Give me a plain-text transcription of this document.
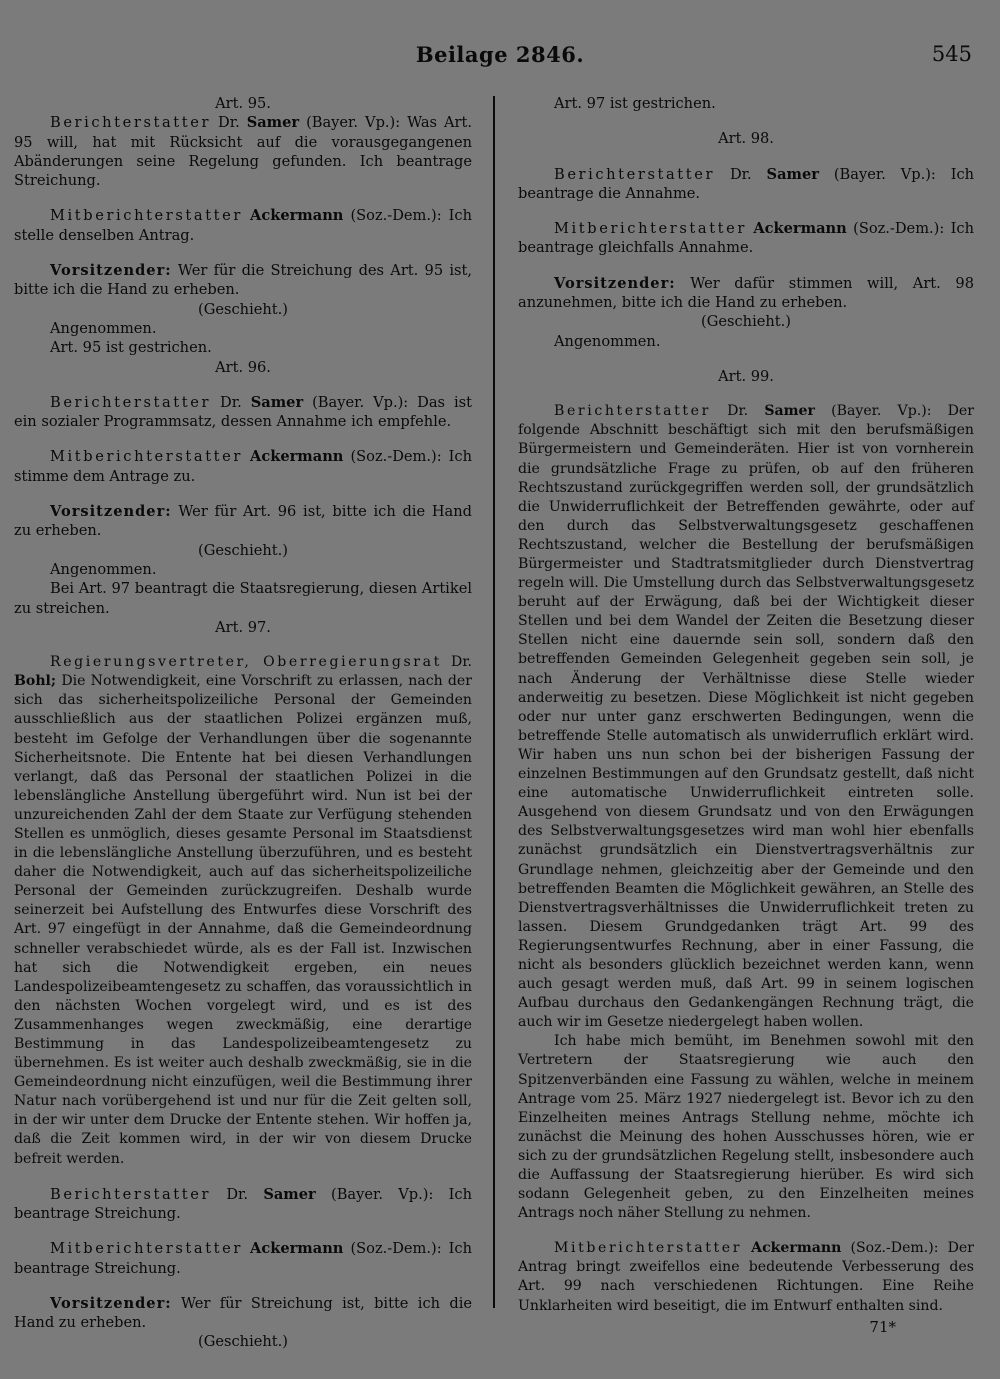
Beilage 2846.	545
Art. 95.
Berichterstatter Dr. Samer (Bayer. Vp.): Was Art. 95 will, hat mit Rücksicht auf die vorausgegangenen Abänderungen seine Regelung gefunden. Ich beantrage Streichung.
Mitberichterstatter Ackermann (Soz.-Dem.): Ich stelle denselben Antrag.
Vorsitzender: Wer für die Streichung des Art. 95 ist, bitte ich die Hand zu erheben.
(Geschieht.)
Angenommen.
Art. 95 ist gestrichen.
Art. 96.
Berichterstatter Dr. Samer (Bayer. Vp.): Das ist ein sozialer Programmsatz, dessen Annahme ich empfehle.
Mitberichterstatter Ackermann (Soz.-Dem.): Ich stimme dem Antrage zu.
Vorsitzender: Wer für Art. 96 ist, bitte ich die Hand zu erheben.
(Geschieht.)
Angenommen.
Bei Art. 97 beantragt die Staatsregierung, diesen Artikel zu streichen.
Art. 97.
Regierungsvertreter, Oberregierungsrat Dr. Bohl; Die Notwendigkeit, eine Vorschrift zu erlassen, nach der sich das sicherheitspolizeiliche Personal der Gemeinden ausschließlich aus der staatlichen Polizei ergänzen muß, besteht im Gefolge der Verhandlungen über die sogenannte Sicherheitsnote. Die Entente hat bei diesen Verhandlungen verlangt, daß das Personal der staatlichen Polizei in die lebenslängliche Anstellung übergeführt wird. Nun ist bei der unzureichenden Zahl der dem Staate zur Verfügung stehenden Stellen es unmöglich, dieses gesamte Personal im Staatsdienst in die lebenslängliche Anstellung überzuführen, und es besteht daher die Notwendigkeit, auch auf das sicherheitspolizeiliche Personal der Gemeinden zurückzugreifen. Deshalb wurde seinerzeit bei Aufstellung des Entwurfes diese Vorschrift des Art. 97 eingefügt in der Annahme, daß die Gemeindeordnung schneller verabschiedet würde, als es der Fall ist. Inzwischen hat sich die Notwendigkeit ergeben, ein neues Landespolizeibeamtengesetz zu schaffen, das voraussichtlich in den nächsten Wochen vorgelegt wird, und es ist des Zusammenhanges wegen zweckmäßig, eine derartige Bestimmung in das Landespolizeibeamtengesetz zu übernehmen. Es ist weiter auch deshalb zweckmäßig, sie in die Gemeindeordnung nicht einzufügen, weil die Bestimmung ihrer Natur nach vorübergehend ist und nur für die Zeit gelten soll, in der wir unter dem Drucke der Entente stehen. Wir hoffen ja, daß die Zeit kommen wird, in der wir von diesem Drucke befreit werden.
Berichterstatter Dr. Samer (Bayer. Vp.): Ich beantrage Streichung.
Mitberichterstatter Ackermann (Soz.-Dem.): Ich beantrage Streichung.
Vorsitzender: Wer für Streichung ist, bitte ich die Hand zu erheben.
(Geschieht.)
Art. 97 ist gestrichen.
Art. 98.
Berichterstatter Dr. Samer (Bayer. Vp.): Ich beantrage die Annahme.
Mitberichterstatter Ackermann (Soz.-Dem.): Ich beantrage gleichfalls Annahme.
Vorsitzender: Wer dafür stimmen will, Art. 98 anzunehmen, bitte ich die Hand zu erheben.
(Geschieht.)
Angenommen.
Art. 99.
Berichterstatter Dr. Samer (Bayer. Vp.): Der folgende Abschnitt beschäftigt sich mit den berufsmäßigen Bürgermeistern und Gemeinderäten. Hier ist von vornherein die grundsätzliche Frage zu prüfen, ob auf den früheren Rechtszustand zurückgegriffen werden soll, der grundsätzlich die Unwiderruflichkeit der Betreffenden gewährte, oder auf den durch das Selbstverwaltungsgesetz geschaffenen Rechtszustand, welcher die Bestellung der berufsmäßigen Bürgermeister und Stadtratsmitglieder durch Dienstvertrag regeln will. Die Umstellung durch das Selbstverwaltungsgesetz beruht auf der Erwägung, daß bei der Wichtigkeit dieser Stellen und bei dem Wandel der Zeiten die Besetzung dieser Stellen nicht eine dauernde sein soll, sondern daß den betreffenden Gemeinden Gelegenheit gegeben sein soll, je nach Änderung der Verhältnisse diese Stelle wieder anderweitig zu besetzen. Diese Möglichkeit ist nicht gegeben oder nur unter ganz erschwerten Bedingungen, wenn die betreffende Stelle automatisch als unwiderruflich erklärt wird. Wir haben uns nun schon bei der bisherigen Fassung der einzelnen Bestimmungen auf den Grundsatz gestellt, daß nicht eine automatische Unwiderruflichkeit eintreten solle. Ausgehend von diesem Grundsatz und von den Erwägungen des Selbstverwaltungsgesetzes wird man wohl hier ebenfalls zunächst grundsätzlich ein Dienstvertragsverhältnis zur Grundlage nehmen, gleichzeitig aber der Gemeinde und den betreffenden Beamten die Möglichkeit gewähren, an Stelle des Dienstvertragsverhältnisses die Unwiderruflichkeit treten zu lassen. Diesem Grundgedanken trägt Art. 99 des Regierungsentwurfes Rechnung, aber in einer Fassung, die nicht als besonders glücklich bezeichnet werden kann, wenn auch gesagt werden muß, daß Art. 99 in seinem logischen Aufbau durchaus den Gedankengängen Rechnung trägt, die auch wir im Gesetze niedergelegt haben wollen.
Ich habe mich bemüht, im Benehmen sowohl mit den Vertretern der Staatsregierung wie auch den Spitzenverbänden eine Fassung zu wählen, welche in meinem Antrage vom 25. März 1927 niedergelegt ist. Bevor ich zu den Einzelheiten meines Antrags Stellung nehme, möchte ich zunächst die Meinung des hohen Ausschusses hören, wie er sich zu der grundsätzlichen Regelung stellt, insbesondere auch die Auffassung der Staatsregierung hierüber. Es wird sich sodann Gelegenheit geben, zu den Einzelheiten meines Antrags noch näher Stellung zu nehmen.
Mitberichterstatter Ackermann (Soz.-Dem.): Der Antrag bringt zweifellos eine bedeutende Verbesserung des Art. 99 nach verschiedenen Richtungen. Eine Reihe Unklarheiten wird beseitigt, die im Entwurf enthalten sind.
71*
